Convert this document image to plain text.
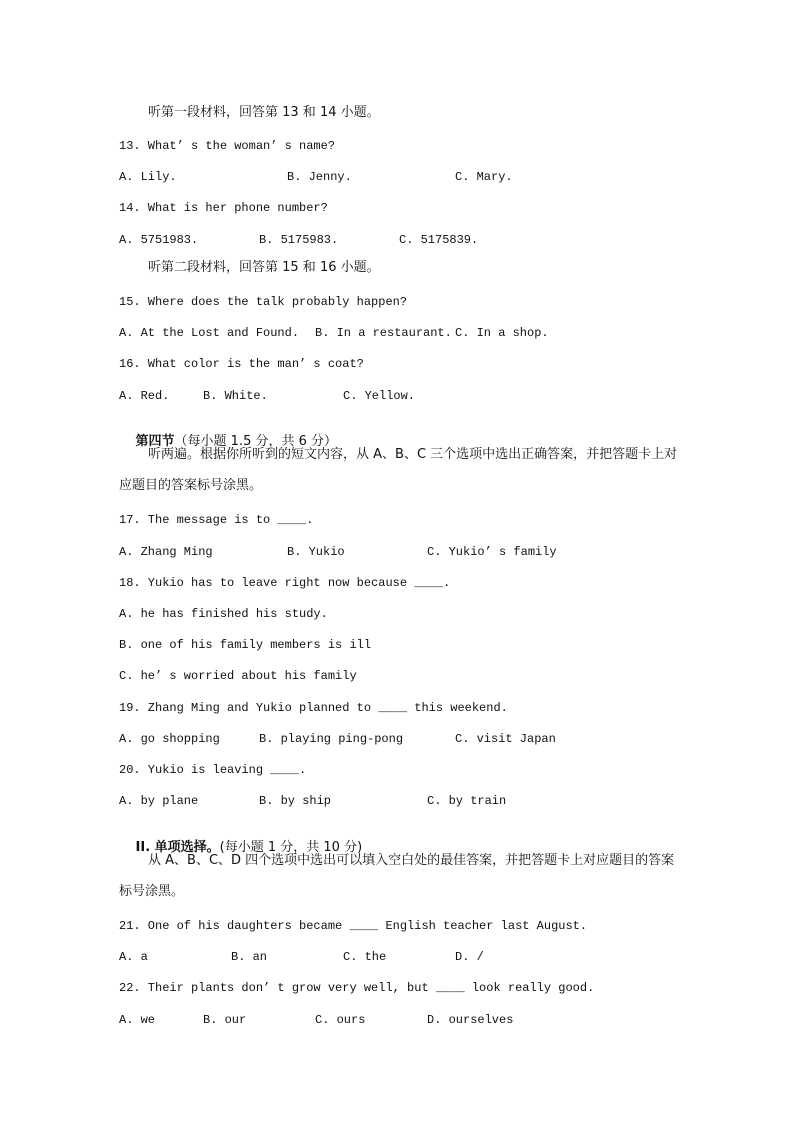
听第一段材料，回答第 13 和 14 小题。
13. What’ s the woman’ s name?
A. Lily.	B. Jenny.	C. Mary.
14. What is her phone number?
A. 5751983.	B. 5175983.	C. 5175839.
听第二段材料，回答第 15 和 16 小题。
15. Where does the talk probably happen?
A. At the Lost and Found. B. In a restaurant. C. In a shop.
16. What color is the man’ s coat?
A. Red.	B. White.	C. Yellow.

第四节（每小题 1.5 分，共 6 分）

听两遍。根据你所听到的短文内容，从 A、B、C 三个选项中选出正确答案，并把答题卡上对应题目的答案标号涂黑。
17. The message is to ____.
A. Zhang Ming	B. Yukio	C. Yukio’ s family
18. Yukio has to leave right now because ____.
A. he has finished his study.
B. one of his family members is ill
C. he’ s worried about his family
19. Zhang Ming and Yukio planned to ____ this weekend.
A. go shopping	B. playing ping-pong	C. visit Japan
20. Yukio is leaving ____.
A. by plane	B. by ship	C. by train

II. 单项选择。(每小题 1 分，共 10 分)

从 A、B、C、D 四个选项中选出可以填入空白处的最佳答案，并把答题卡上对应题目的答案标号涂黑。
21. One of his daughters became ____ English teacher last August.
A. a	B. an	C. the	D. /
22. Their plants don’ t grow very well, but ____ look really good.
A. we	B. our	C. ours	D. ourselves
